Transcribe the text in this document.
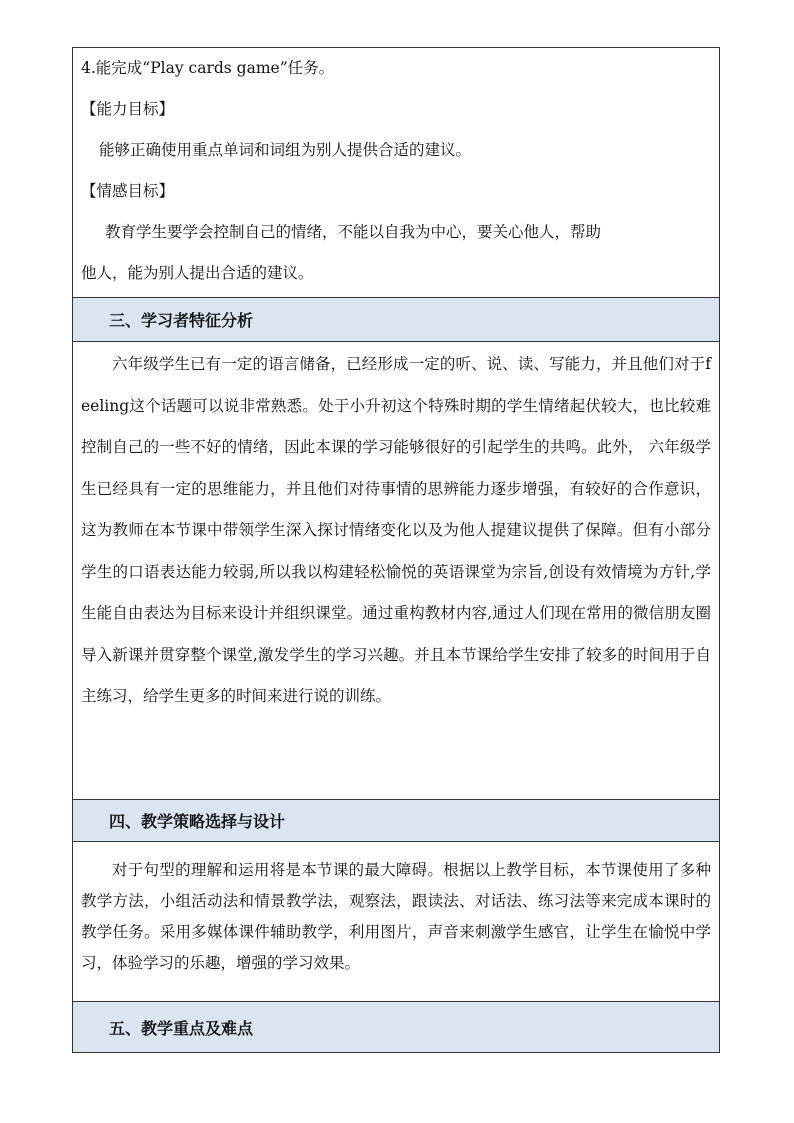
4.能完成“Play cards game”任务。
【能力目标】
能够正确使用重点单词和词组为别人提供合适的建议。
【情感目标】
教育学生要学会控制自己的情绪，不能以自我为中心，要关心他人，帮助
他人，能为别人提出合适的建议。
三、学习者特征分析

六年级学生已有一定的语言储备，已经形成一定的听、说、读、写能力，并且他们对于feeling这个话题可以说非常熟悉。处于小升初这个特殊时期的学生情绪起伏较大，也比较难控制自己的一些不好的情绪，因此本课的学习能够很好的引起学生的共鸣。此外， 六年级学生已经具有一定的思维能力，并且他们对待事情的思辨能力逐步增强，有较好的合作意识，这为教师在本节课中带领学生深入探讨情绪变化以及为他人提建议提供了保障。但有小部分学生的口语表达能力较弱,所以我以构建轻松愉悦的英语课堂为宗旨,创设有效情境为方针,学生能自由表达为目标来设计并组织课堂。通过重构教材内容,通过人们现在常用的微信朋友圈导入新课并贯穿整个课堂,激发学生的学习兴趣。并且本节课给学生安排了较多的时间用于自主练习，给学生更多的时间来进行说的训练。

四、教学策略选择与设计

对于句型的理解和运用将是本节课的最大障碍。根据以上教学目标，本节课使用了多种教学方法，小组活动法和情景教学法，观察法，跟读法、对话法、练习法等来完成本课时的教学任务。采用多媒体课件辅助教学，利用图片，声音来刺激学生感官，让学生在愉悦中学习，体验学习的乐趣，增强的学习效果。

五、教学重点及难点
